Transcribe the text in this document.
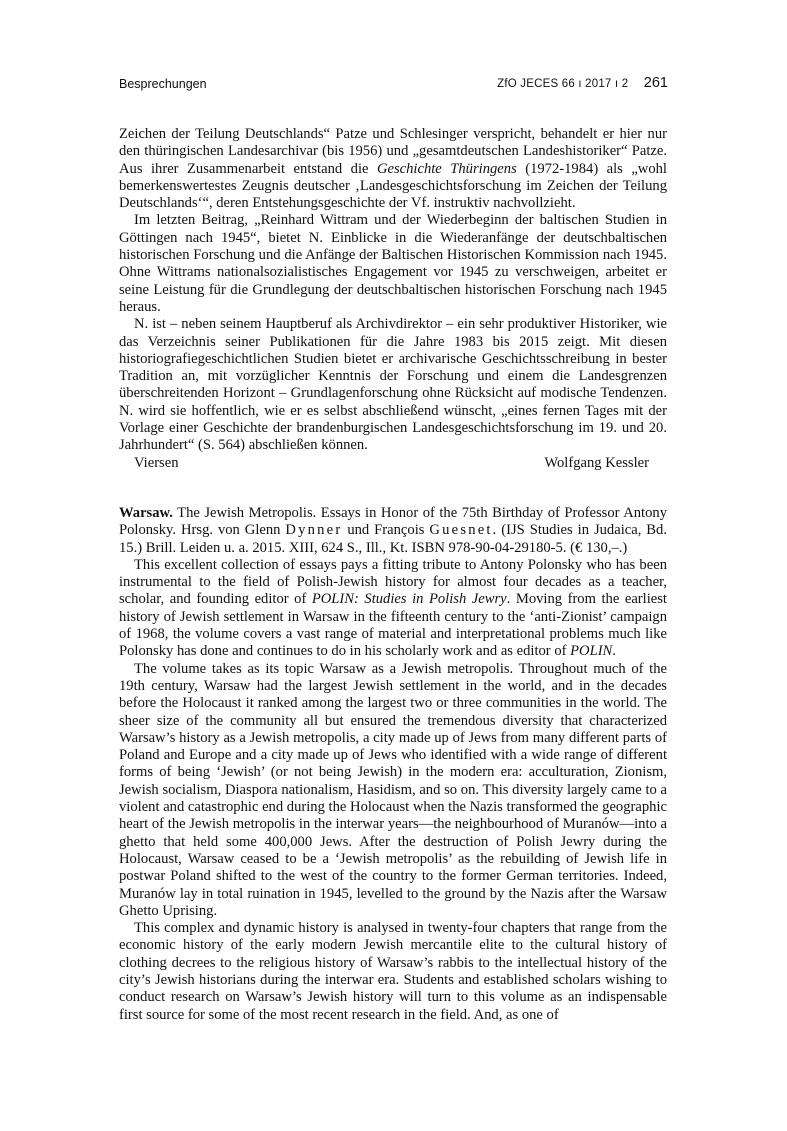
Besprechungen	ZfO JECES 66 ı 2017 ı 2 261

Zeichen der Teilung Deutschlands“ Patze und Schlesinger verspricht, behandelt er hier nur den thüringischen Landesarchivar (bis 1956) und „gesamtdeutschen Landeshistoriker“ Patze. Aus ihrer Zusammenarbeit entstand die Geschichte Thüringens (1972-1984) als „wohl bemerkenswertestes Zeugnis deutscher ‚Landesgeschichtsforschung im Zeichen der Teilung Deutschlands‘“, deren Entstehungsgeschichte der Vf. instruktiv nachvollzieht.

Im letzten Beitrag, „Reinhard Wittram und der Wiederbeginn der baltischen Studien in Göttingen nach 1945“, bietet N. Einblicke in die Wiederanfänge der deutschbaltischen historischen Forschung und die Anfänge der Baltischen Historischen Kommission nach 1945. Ohne Wittrams nationalsozialistisches Engagement vor 1945 zu verschweigen, arbeitet er seine Leistung für die Grundlegung der deutschbaltischen historischen Forschung nach 1945 heraus.

N. ist – neben seinem Hauptberuf als Archivdirektor – ein sehr produktiver Historiker, wie das Verzeichnis seiner Publikationen für die Jahre 1983 bis 2015 zeigt. Mit diesen historiografiegeschichtlichen Studien bietet er archivarische Geschichtsschreibung in bester Tradition an, mit vorzüglicher Kenntnis der Forschung und einem die Landesgrenzen überschreitenden Horizont – Grundlagenforschung ohne Rücksicht auf modische Tendenzen. N. wird sie hoffentlich, wie er es selbst abschließend wünscht, „eines fernen Tages mit der Vorlage einer Geschichte der brandenburgischen Landesgeschichtsforschung im 19. und 20. Jahrhundert“ (S. 564) abschließen können.

Viersen	Wolfgang Kessler

Warsaw. The Jewish Metropolis. Essays in Honor of the 75th Birthday of Professor Antony Polonsky. Hrsg. von Glenn Dynner und François Guesnet. (IJS Studies in Judaica, Bd. 15.) Brill. Leiden u. a. 2015. XIII, 624 S., Ill., Kt. ISBN 978-90-04-29180-5. (€ 130,–.)

This excellent collection of essays pays a fitting tribute to Antony Polonsky who has been instrumental to the field of Polish-Jewish history for almost four decades as a teacher, scholar, and founding editor of POLIN: Studies in Polish Jewry. Moving from the earliest history of Jewish settlement in Warsaw in the fifteenth century to the ‘anti-Zionist’ campaign of 1968, the volume covers a vast range of material and interpretational problems much like Polonsky has done and continues to do in his scholarly work and as editor of POLIN.

The volume takes as its topic Warsaw as a Jewish metropolis. Throughout much of the 19th century, Warsaw had the largest Jewish settlement in the world, and in the decades before the Holocaust it ranked among the largest two or three communities in the world. The sheer size of the community all but ensured the tremendous diversity that characterized Warsaw’s history as a Jewish metropolis, a city made up of Jews from many different parts of Poland and Europe and a city made up of Jews who identified with a wide range of different forms of being ‘Jewish’ (or not being Jewish) in the modern era: acculturation, Zionism, Jewish socialism, Diaspora nationalism, Hasidism, and so on. This diversity largely came to a violent and catastrophic end during the Holocaust when the Nazis transformed the geographic heart of the Jewish metropolis in the interwar years—the neighbourhood of Muranów—into a ghetto that held some 400,000 Jews. After the destruction of Polish Jewry during the Holocaust, Warsaw ceased to be a ‘Jewish metropolis’ as the rebuilding of Jewish life in postwar Poland shifted to the west of the country to the former German territories. Indeed, Muranów lay in total ruination in 1945, levelled to the ground by the Nazis after the Warsaw Ghetto Uprising.

This complex and dynamic history is analysed in twenty-four chapters that range from the economic history of the early modern Jewish mercantile elite to the cultural history of clothing decrees to the religious history of Warsaw’s rabbis to the intellectual history of the city’s Jewish historians during the interwar era. Students and established scholars wishing to conduct research on Warsaw’s Jewish history will turn to this volume as an indispensable first source for some of the most recent research in the field. And, as one of
